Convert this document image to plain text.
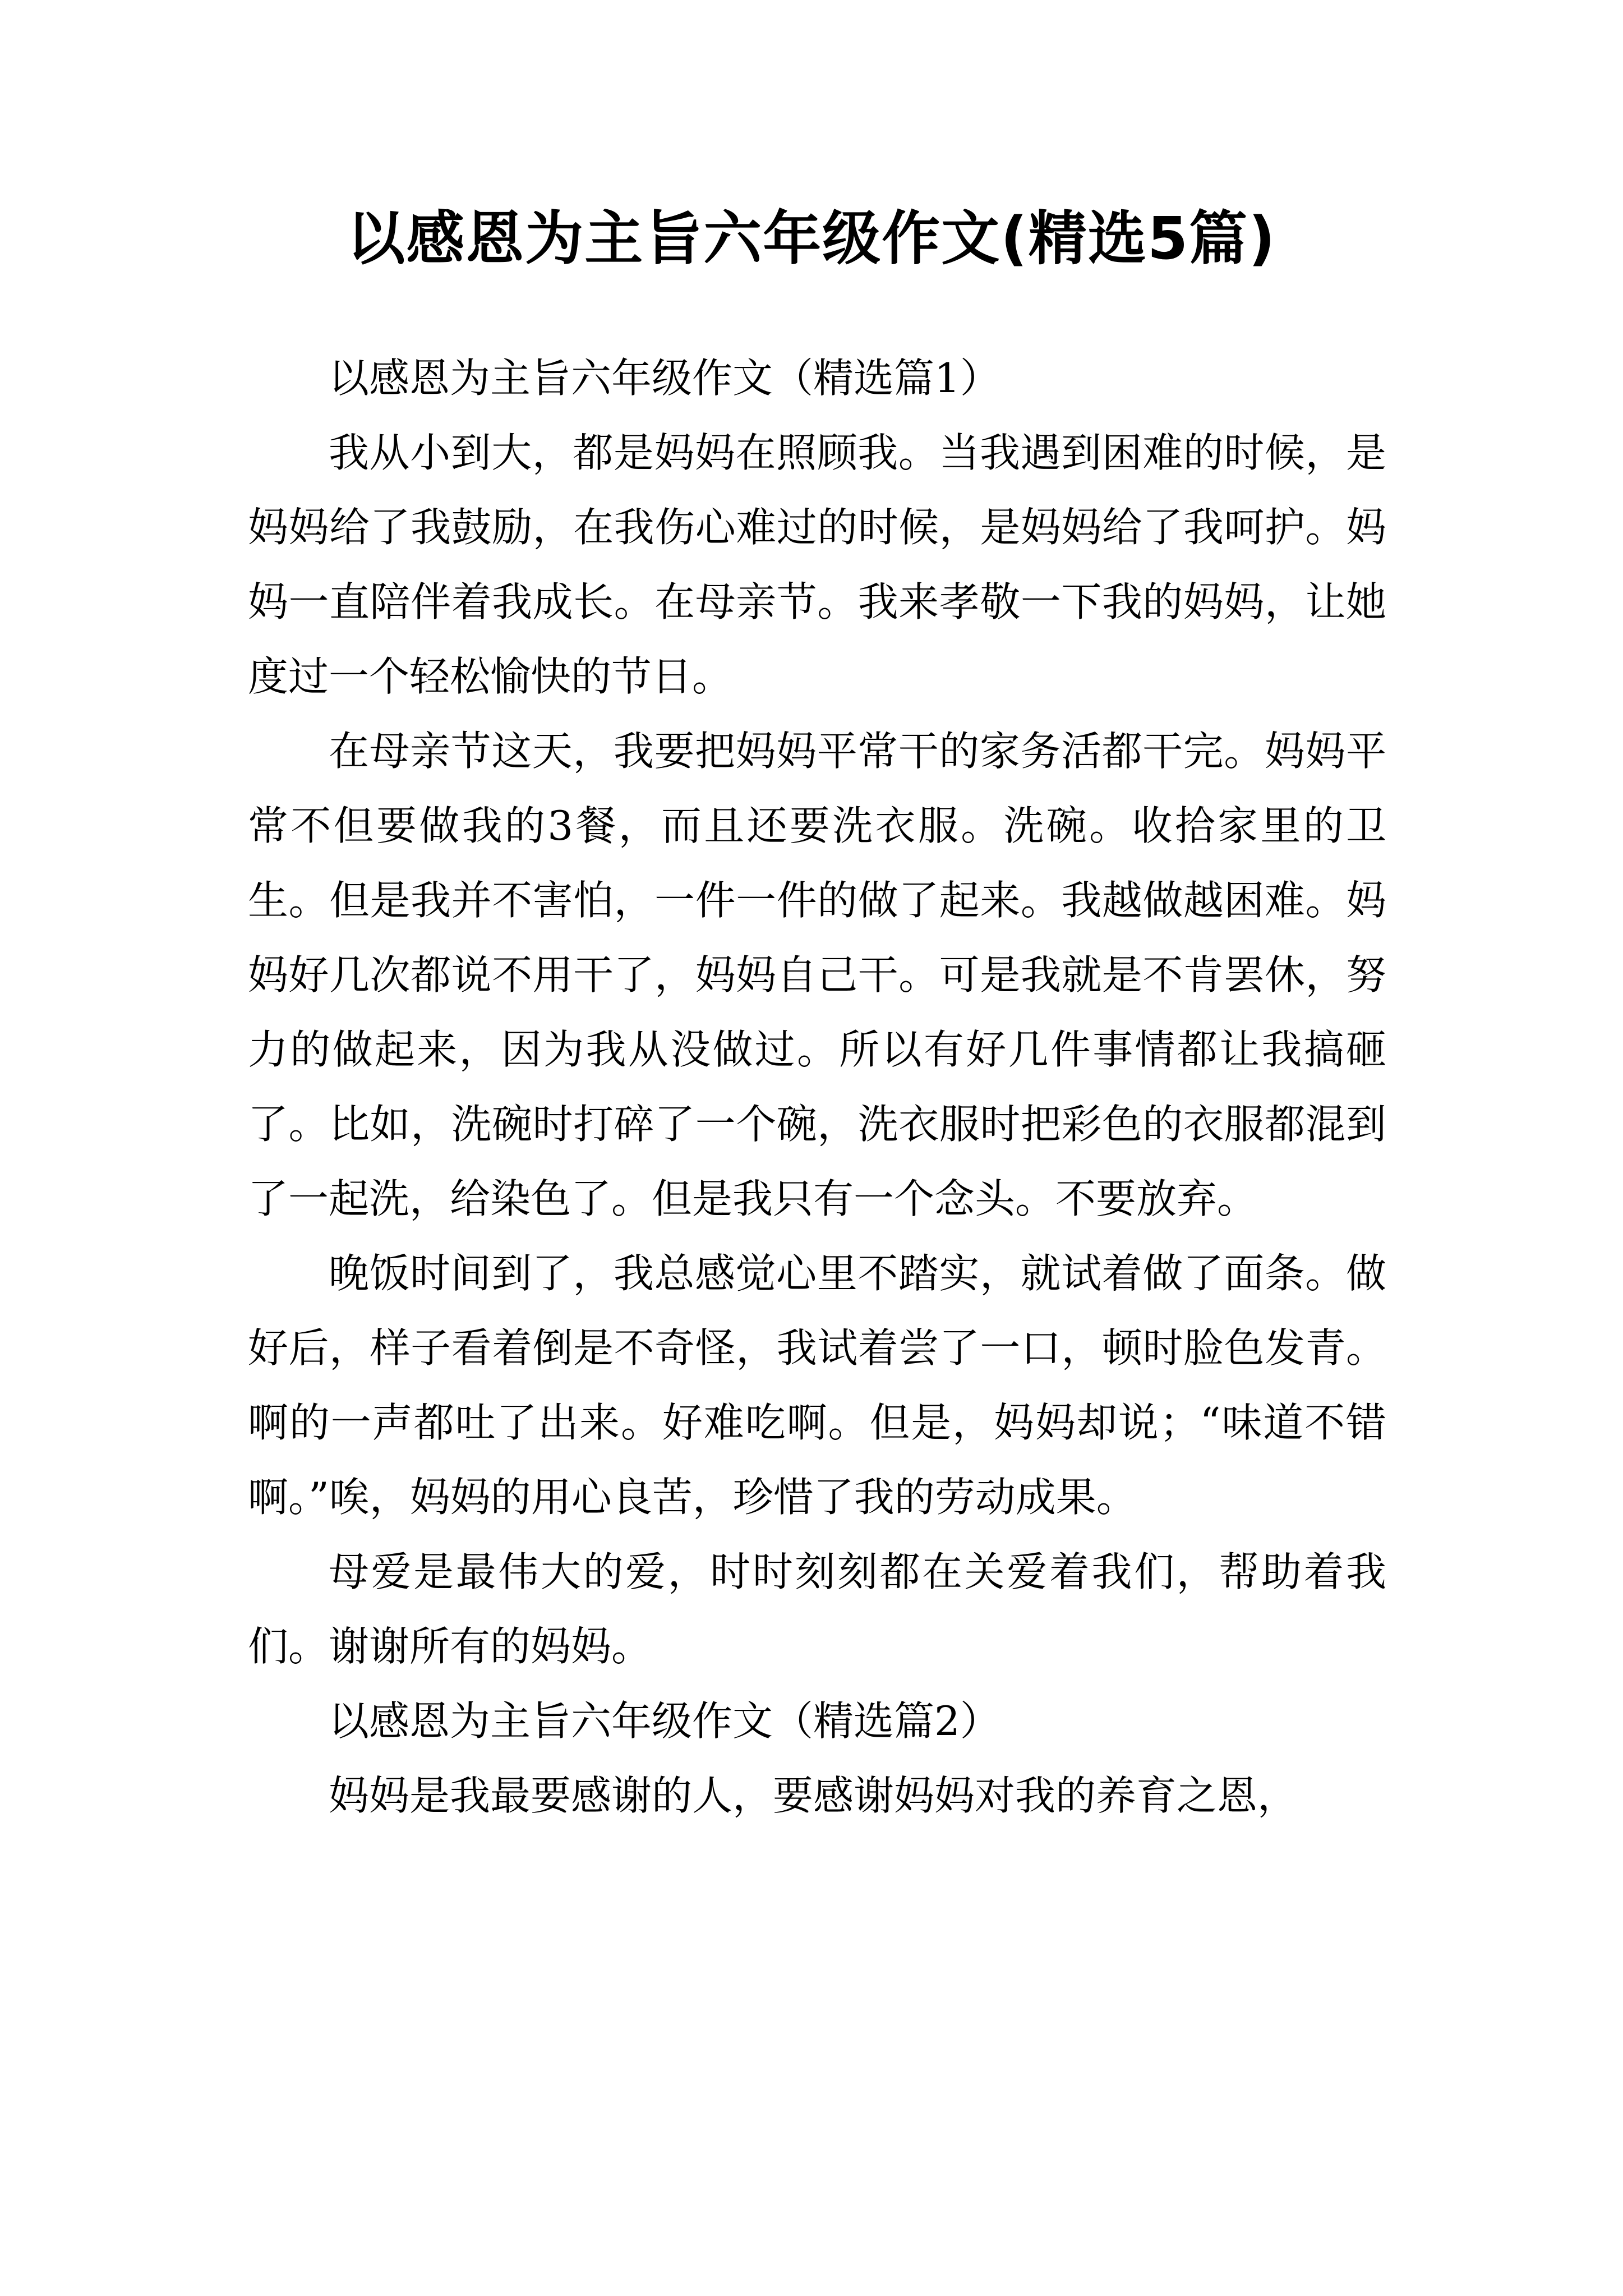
以感恩为主旨六年级作文(精选5篇)

以感恩为主旨六年级作文（精选篇1）

我从小到大，都是妈妈在照顾我。当我遇到困难的时候，是妈妈给了我鼓励，在我伤心难过的时候，是妈妈给了我呵护。妈妈一直陪伴着我成长。在母亲节。我来孝敬一下我的妈妈，让她度过一个轻松愉快的节日。

在母亲节这天，我要把妈妈平常干的家务活都干完。妈妈平常不但要做我的3餐，而且还要洗衣服。洗碗。收拾家里的卫生。但是我并不害怕，一件一件的做了起来。我越做越困难。妈妈好几次都说不用干了，妈妈自己干。可是我就是不肯罢休，努力的做起来，因为我从没做过。所以有好几件事情都让我搞砸了。比如，洗碗时打碎了一个碗，洗衣服时把彩色的衣服都混到了一起洗，给染色了。但是我只有一个念头。不要放弃。

晚饭时间到了，我总感觉心里不踏实，就试着做了面条。做好后，样子看着倒是不奇怪，我试着尝了一口，顿时脸色发青。啊的一声都吐了出来。好难吃啊。但是，妈妈却说；“味道不错啊。”唉，妈妈的用心良苦，珍惜了我的劳动成果。

母爱是最伟大的爱，时时刻刻都在关爱着我们，帮助着我们。谢谢所有的妈妈。

以感恩为主旨六年级作文（精选篇2）

妈妈是我最要感谢的人，要感谢妈妈对我的养育之恩，
